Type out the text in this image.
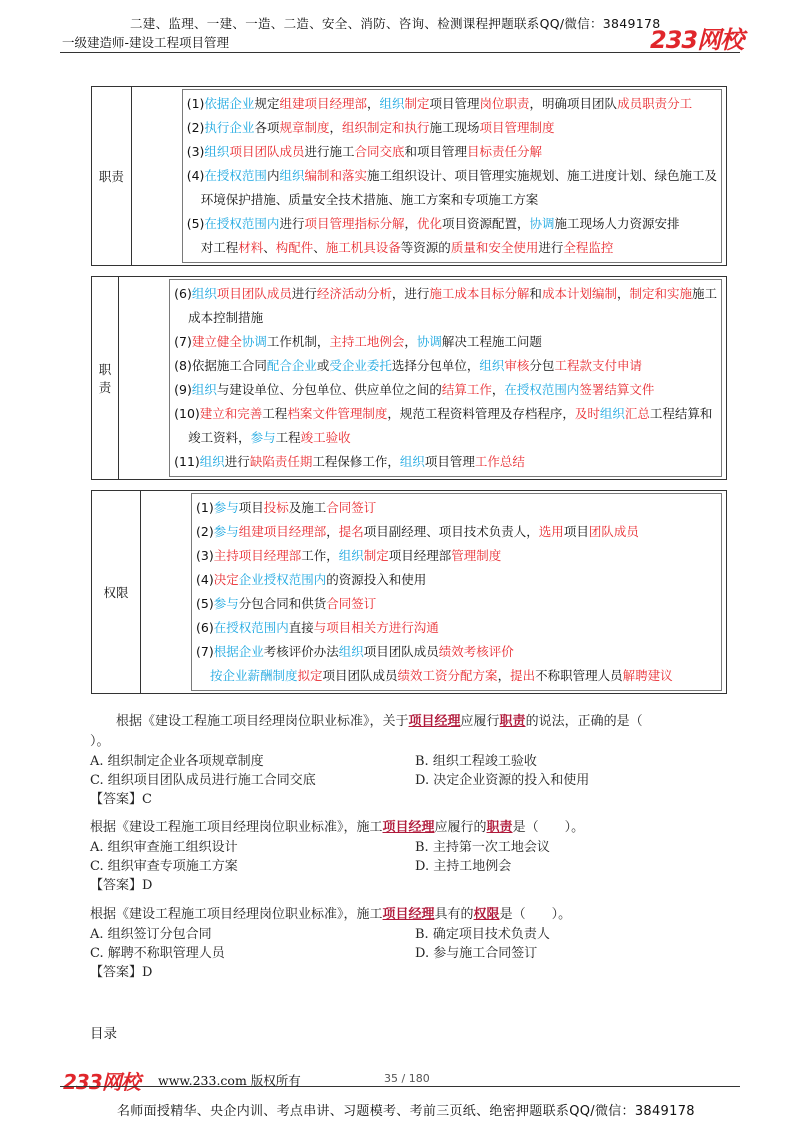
二建、监理、一建、一造、二造、安全、消防、咨询、检测课程押题联系QQ/微信：3849178
一级建造师-建设工程项目管理	233网校
职责	
(1)依据企业规定组建项目经理部，组织制定项目管理岗位职责，明确项目团队成员职责分工
(2)执行企业各项规章制度，组织制定和执行施工现场项目管理制度
(3)组织项目团队成员进行施工合同交底和项目管理目标责任分解
(4)在授权范围内组织编制和落实施工组织设计、项目管理实施规划、施工进度计划、绿色施工及
环境保护措施、质量安全技术措施、施工方案和专项施工方案
(5)在授权范围内进行项目管理指标分解，优化项目资源配置，协调施工现场人力资源安排
对工程材料、构配件、施工机具设备等资源的质量和安全使用进行全程监控
职责	
(6)组织项目团队成员进行经济活动分析，进行施工成本目标分解和成本计划编制，制定和实施施工
成本控制措施
(7)建立健全协调工作机制，主持工地例会，协调解决工程施工问题
(8)依据施工合同配合企业或受企业委托选择分包单位，组织审核分包工程款支付申请
(9)组织与建设单位、分包单位、供应单位之间的结算工作，在授权范围内签署结算文件
(10)建立和完善工程档案文件管理制度，规范工程资料管理及存档程序，及时组织汇总工程结算和
竣工资料，参与工程竣工验收
(11)组织进行缺陷责任期工程保修工作，组织项目管理工作总结
权限	
(1)参与项目投标及施工合同签订
(2)参与组建项目经理部，提名项目副经理、项目技术负责人，选用项目团队成员
(3)主持项目经理部工作，组织制定项目经理部管理制度
(4)决定企业授权范围内的资源投入和使用
(5)参与分包合同和供货合同签订
(6)在授权范围内直接与项目相关方进行沟通
(7)根据企业考核评价办法组织项目团队成员绩效考核评价
按企业薪酬制度拟定项目团队成员绩效工资分配方案，提出不称职管理人员解聘建议
根据《建设工程施工项目经理岗位职业标准》，关于项目经理应履行职责的说法，正确的是（
）。
A. 组织制定企业各项规章制度	B. 组织工程竣工验收
C. 组织项目团队成员进行施工合同交底	D. 决定企业资源的投入和使用
【答案】C
根据《建设工程施工项目经理岗位职业标准》，施工项目经理应履行的职责是（　　）。
A. 组织审查施工组织设计	B. 主持第一次工地会议
C. 组织审查专项施工方案	D. 主持工地例会
【答案】D
根据《建设工程施工项目经理岗位职业标准》，施工项目经理具有的权限是（　　）。
A. 组织签订分包合同	B. 确定项目技术负责人
C. 解聘不称职管理人员	D. 参与施工合同签订
【答案】D
目录
233网校 www.233.com 版权所有	35 / 180
名师面授精华、央企内训、考点串讲、习题模考、考前三页纸、绝密押题联系QQ/微信：3849178
